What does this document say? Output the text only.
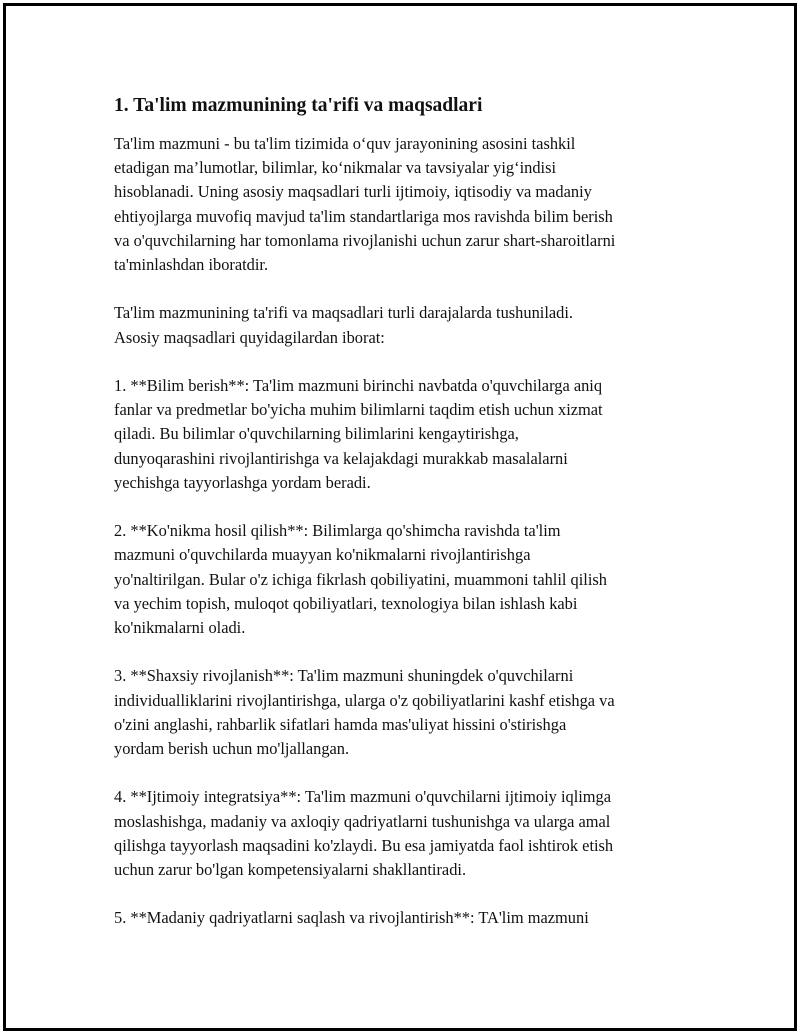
1. Ta'lim mazmunining ta'rifi va maqsadlari
Ta'lim mazmuni - bu ta'lim tizimida o‘quv jarayonining asosini tashkil
etadigan ma’lumotlar, bilimlar, ko‘nikmalar va tavsiyalar yig‘indisi
hisoblanadi. Uning asosiy maqsadlari turli ijtimoiy, iqtisodiy va madaniy
ehtiyojlarga muvofiq mavjud ta'lim standartlariga mos ravishda bilim berish
va o'quvchilarning har tomonlama rivojlanishi uchun zarur shart-sharoitlarni
ta'minlashdan iboratdir.
Ta'lim mazmunining ta'rifi va maqsadlari turli darajalarda tushuniladi.
Asosiy maqsadlari quyidagilardan iborat:
1. **Bilim berish**: Ta'lim mazmuni birinchi navbatda o'quvchilarga aniq
fanlar va predmetlar bo'yicha muhim bilimlarni taqdim etish uchun xizmat
qiladi. Bu bilimlar o'quvchilarning bilimlarini kengaytirishga,
dunyoqarashini rivojlantirishga va kelajakdagi murakkab masalalarni
yechishga tayyorlashga yordam beradi.
2. **Ko'nikma hosil qilish**: Bilimlarga qo'shimcha ravishda ta'lim
mazmuni o'quvchilarda muayyan ko'nikmalarni rivojlantirishga
yo'naltirilgan. Bular o'z ichiga fikrlash qobiliyatini, muammoni tahlil qilish
va yechim topish, muloqot qobiliyatlari, texnologiya bilan ishlash kabi
ko'nikmalarni oladi.
3. **Shaxsiy rivojlanish**: Ta'lim mazmuni shuningdek o'quvchilarni
individualliklarini rivojlantirishga, ularga o'z qobiliyatlarini kashf etishga va
o'zini anglashi, rahbarlik sifatlari hamda mas'uliyat hissini o'stirishga
yordam berish uchun mo'ljallangan.
4. **Ijtimoiy integratsiya**: Ta'lim mazmuni o'quvchilarni ijtimoiy iqlimga
moslashishga, madaniy va axloqiy qadriyatlarni tushunishga va ularga amal
qilishga tayyorlash maqsadini ko'zlaydi. Bu esa jamiyatda faol ishtirok etish
uchun zarur bo'lgan kompetensiyalarni shakllantiradi.
5. **Madaniy qadriyatlarni saqlash va rivojlantirish**: TA'lim mazmuni
